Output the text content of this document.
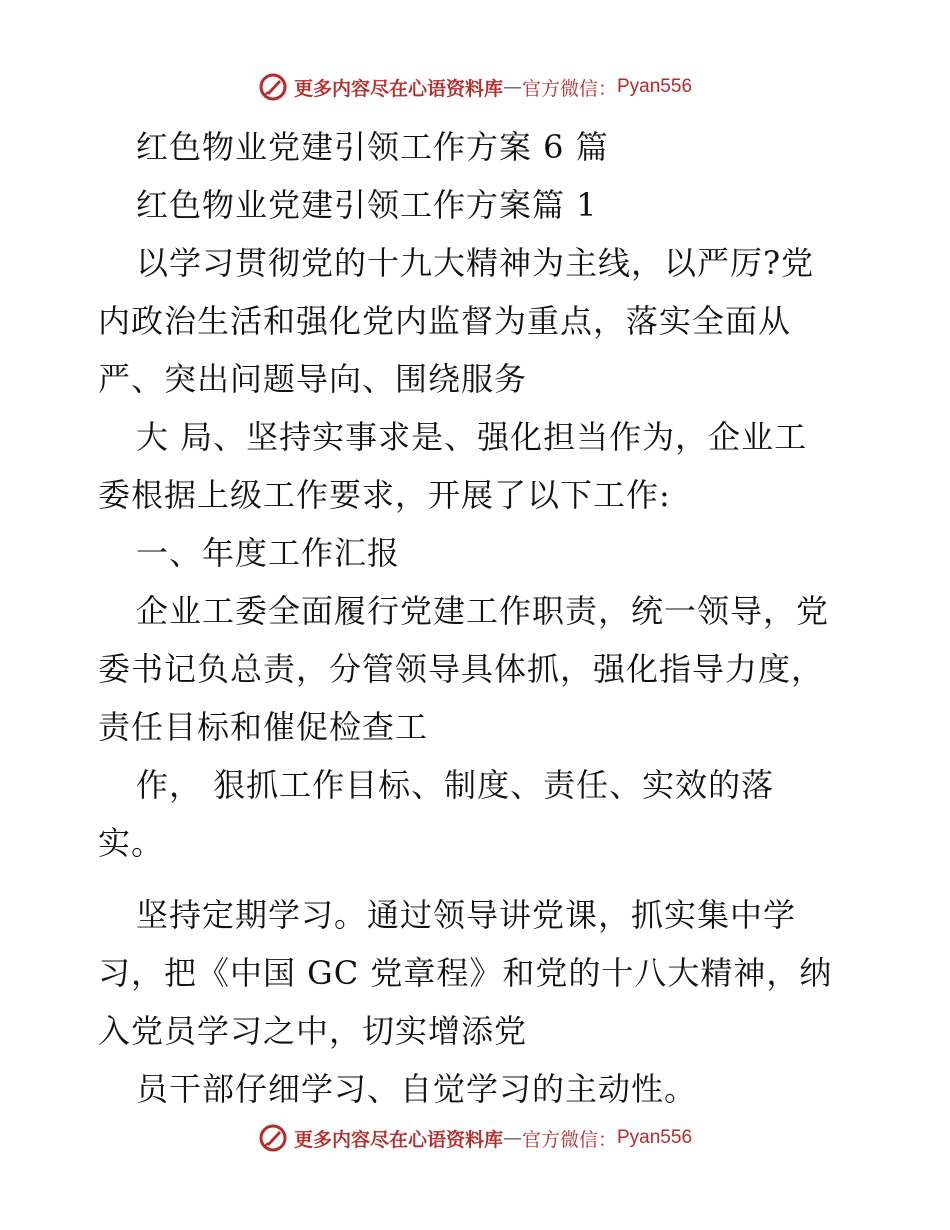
更多内容尽在心语资料库 — 官方微信： Pyan556
红色物业党建引领工作方案 6 篇
红色物业党建引领工作方案篇 1
以学习贯彻党的十九大精神为主线，以严厉?党
内政治生活和强化党内监督为重点，落实全面从
严、突出问题导向、围绕服务
大 局、坚持实事求是、强化担当作为，企业工
委根据上级工作要求，开展了以下工作:
一、年度工作汇报
企业工委全面履行党建工作职责，统一领导，党
委书记负总责，分管领导具体抓，强化指导力度，
责任目标和催促检查工
作， 狠抓工作目标、制度、责任、实效的落
实。
坚持定期学习。通过领导讲党课，抓实集中学
习，把《中国 GC 党章程》和党的十八大精神，纳
入党员学习之中，切实增添党
员干部仔细学习、自觉学习的主动性。
更多内容尽在心语资料库 — 官方微信： Pyan556
